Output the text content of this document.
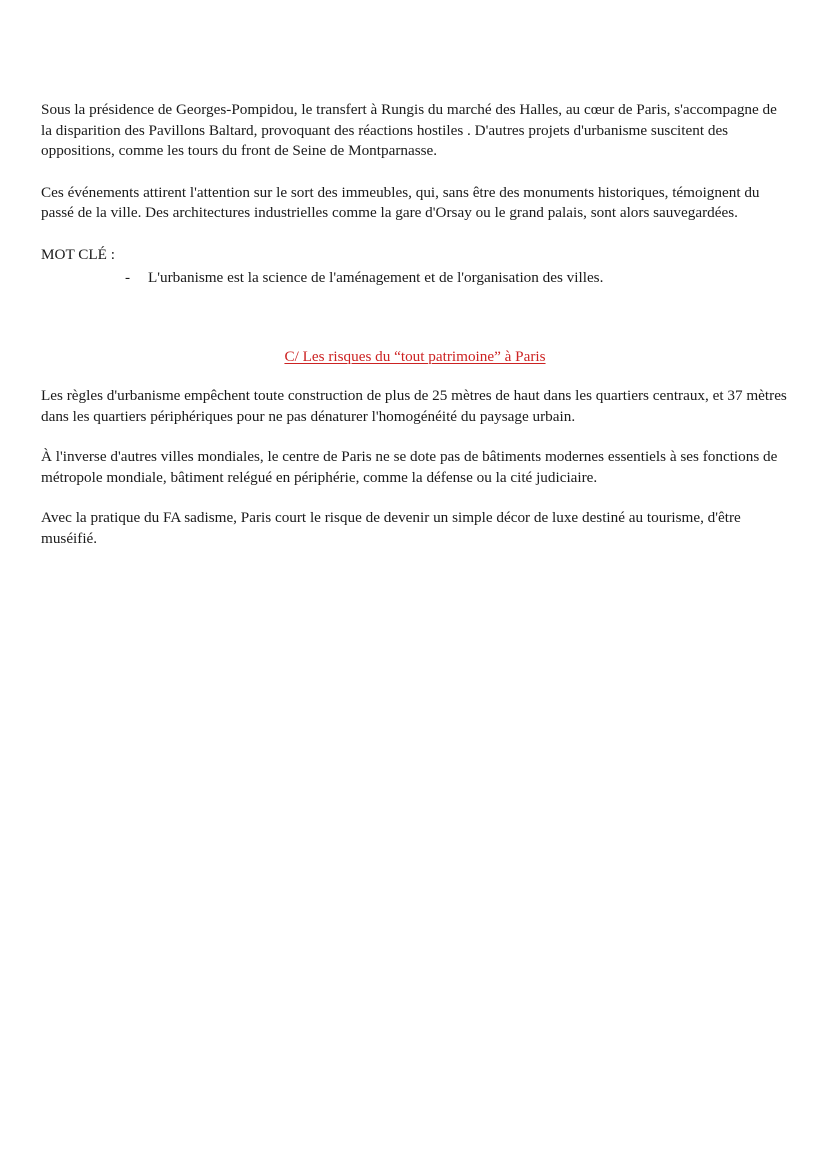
Sous la présidence de Georges-Pompidou, le transfert à Rungis du marché des Halles, au cœur de Paris, s'accompagne de la disparition des Pavillons Baltard, provoquant des réactions hostiles . D'autres projets d'urbanisme suscitent des oppositions, comme les tours du front de Seine de Montparnasse.

Ces événements attirent l'attention sur le sort des immeubles, qui, sans être des monuments historiques, témoignent du passé de la ville. Des architectures industrielles comme la gare d'Orsay ou le grand palais, sont alors sauvegardées.

MOT CLÉ :

-	L'urbanisme est la science de l'aménagement et de l'organisation des villes.

C/ Les risques du “tout patrimoine” à Paris

Les règles d'urbanisme empêchent toute construction de plus de 25 mètres de haut dans les quartiers centraux, et 37 mètres dans les quartiers périphériques pour ne pas dénaturer l'homogénéité du paysage urbain.

À l'inverse d'autres villes mondiales, le centre de Paris ne se dote pas de bâtiments modernes essentiels à ses fonctions de métropole mondiale, bâtiment relégué en périphérie, comme la défense ou la cité judiciaire.

Avec la pratique du FA sadisme, Paris court le risque de devenir un simple décor de luxe destiné au tourisme, d'être muséifié.
